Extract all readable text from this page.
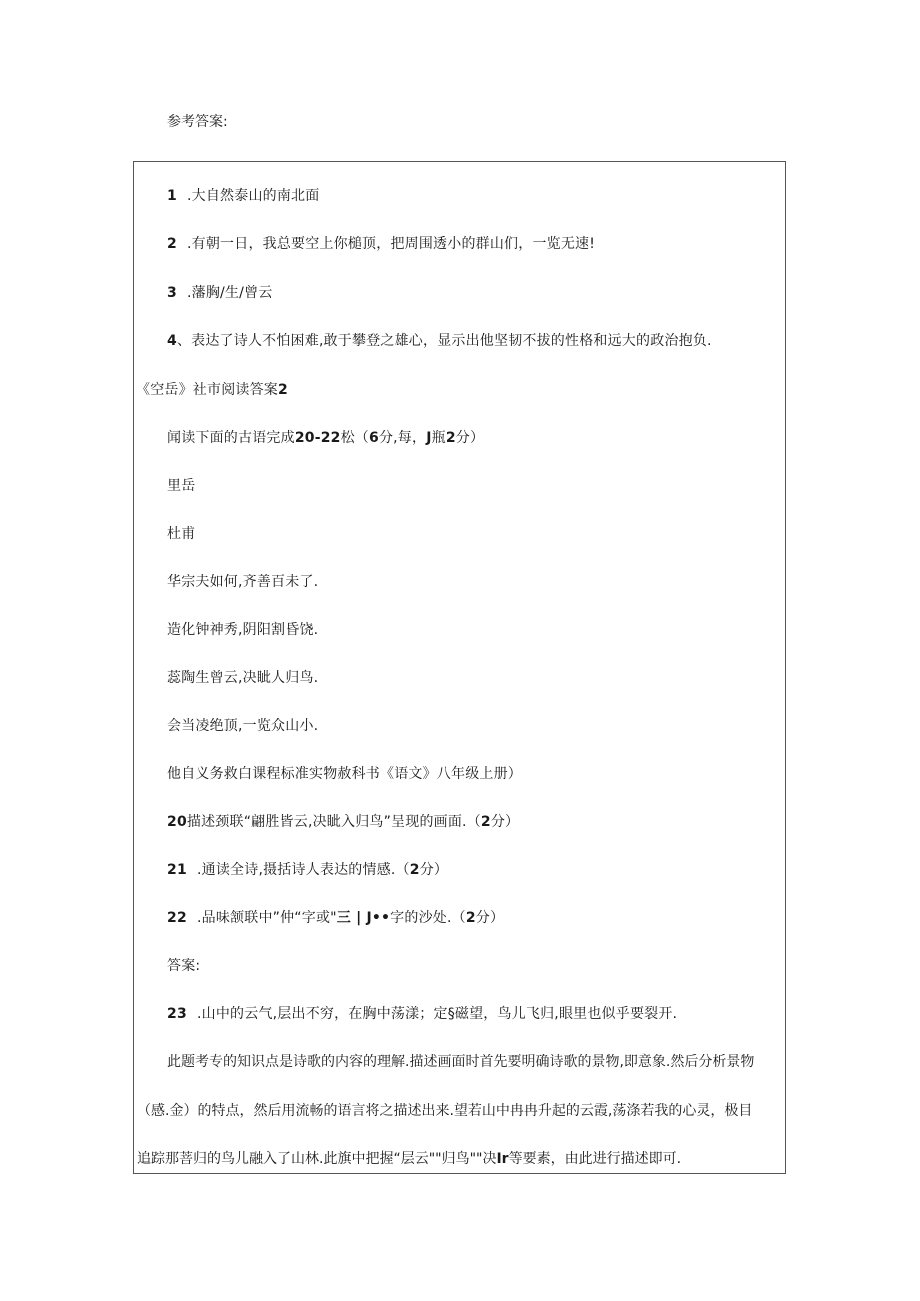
参考答案:
1 .大自然泰山的南北面
2 .有朝一日，我总要空上你槌顶，把周围透小的群山们，一览无速!
3 .藩胸/生/曾云
4、表达了诗人不怕困难,敢于攀登之雄心，显示出他坚韧不拔的性格和远大的政治抱负.
《空岳》社市阅读答案2
闻读下面的古语完成20-22松（6分,每，J瓶2分）
里岳
杜甫
华宗夫如何,齐善百未了.
造化钟神秀,阴阳割昏饶.
蕊陶生曾云,决眦人归鸟.
会当凌绝顶,一览众山小.
他自义务救白课程标准实物赦科书《语文》八年级上册）
20描述颈联“翩胜皆云,决眦入归鸟”呈现的画面.（2分）
21 .通读全诗,摄括诗人表达的情感.（2分）
22 .品味颔联中”仲“字或"三 | J••字的沙处.（2分）
答案:
23 .山中的云气,层出不穷，在胸中荡漾；定§磁望，鸟儿飞归,眼里也似乎要裂开.
此题考专的知识点是诗歌的内容的理解.描述画面时首先要明确诗歌的景物,即意象.然后分析景物
（感.金）的特点，然后用流畅的语言将之描述出来.望若山中冉冉升起的云霞,荡涤若我的心灵，极目
追踪那菩归的鸟儿融入了山林.此旗中把握“层云""归鸟""决Ir等要素，由此进行描述即可.
